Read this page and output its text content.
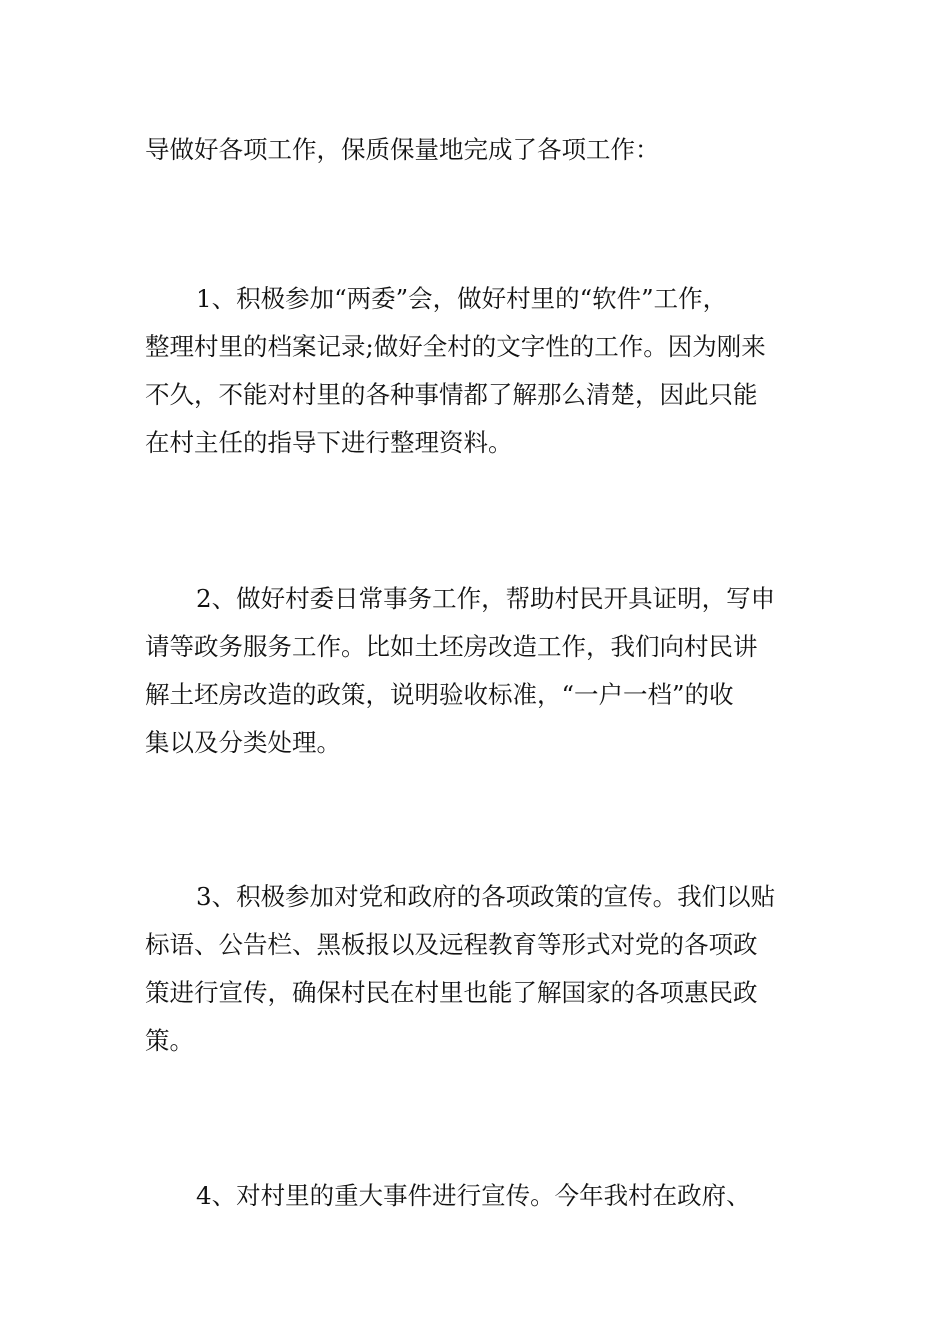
导做好各项工作，保质保量地完成了各项工作：
1、积极参加“两委”会，做好村里的“软件”工作，
整理村里的档案记录;做好全村的文字性的工作。因为刚来
不久，不能对村里的各种事情都了解那么清楚，因此只能
在村主任的指导下进行整理资料。
2、做好村委日常事务工作，帮助村民开具证明，写申
请等政务服务工作。比如土坯房改造工作，我们向村民讲
解土坯房改造的政策，说明验收标准，“一户一档”的收
集以及分类处理。
3、积极参加对党和政府的各项政策的宣传。我们以贴
标语、公告栏、黑板报以及远程教育等形式对党的各项政
策进行宣传，确保村民在村里也能了解国家的各项惠民政
策。
4、对村里的重大事件进行宣传。今年我村在政府、
